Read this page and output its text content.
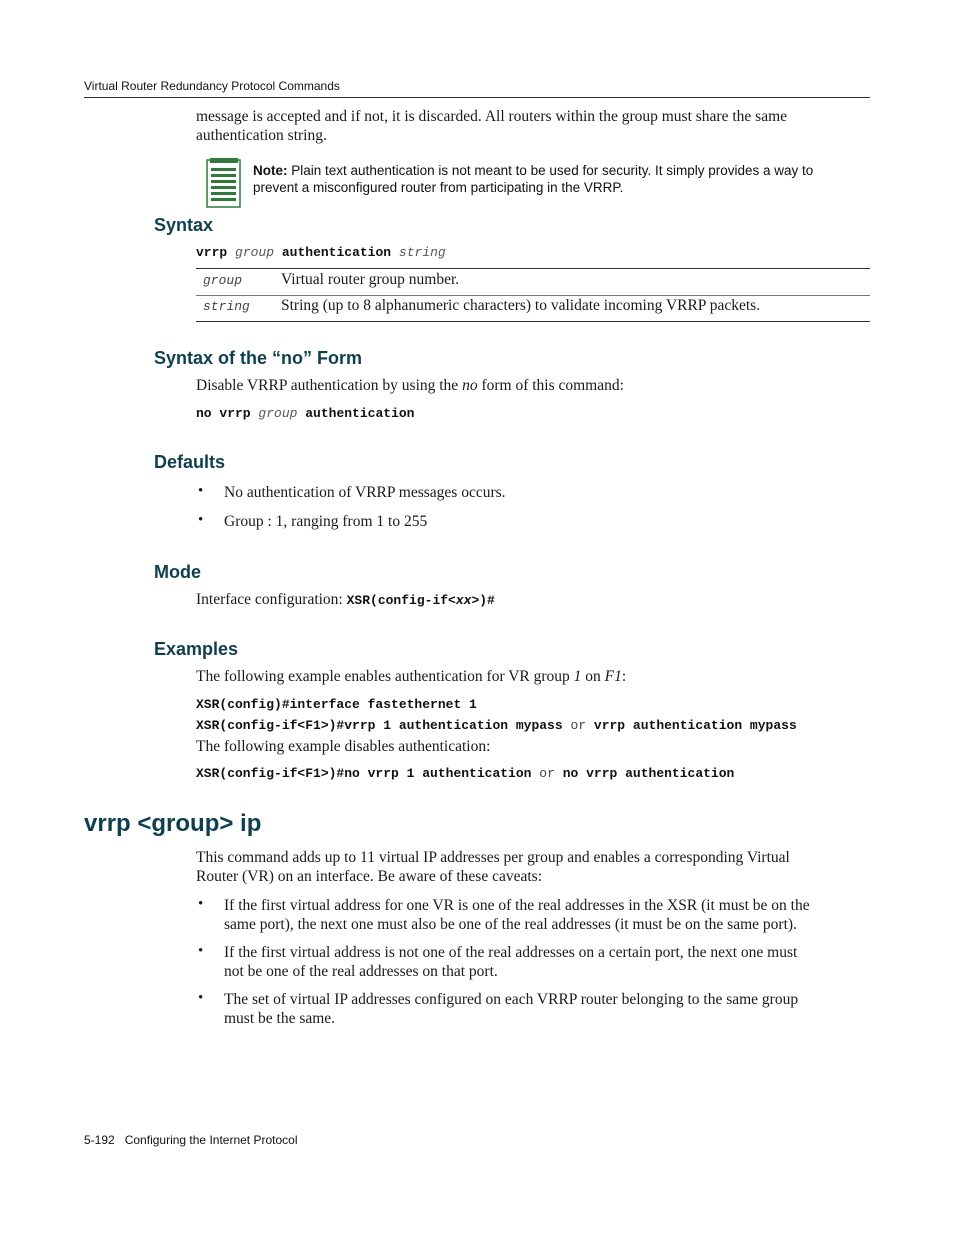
Virtual Router Redundancy Protocol Commands
message is accepted and if not, it is discarded. All routers within the group must share the same
authentication string.
Note: Plain text authentication is not meant to be used for security. It simply provides a way to
prevent a misconfigured router from participating in the VRRP.
Syntax
vrrp group authentication string
group	Virtual router group number.
string String (up to 8 alphanumeric characters) to validate incoming VRRP packets.
Syntax of the “no” Form
Disable VRRP authentication by using the no form of this command:
no vrrp group authentication
Defaults
• No authentication of VRRP messages occurs.
• Group : 1, ranging from 1 to 255
Mode
Interface configuration: XSR(config-if<xx>)#
Examples
The following example enables authentication for VR group 1 on F1:
XSR(config)#interface fastethernet 1
XSR(config-if<F1>)#vrrp 1 authentication mypass or vrrp authentication mypass
The following example disables authentication:
XSR(config-if<F1>)#no vrrp 1 authentication or no vrrp authentication
vrrp <group> ip
This command adds up to 11 virtual IP addresses per group and enables a corresponding Virtual
Router (VR) on an interface. Be aware of these caveats:
• If the first virtual address for one VR is one of the real addresses in the XSR (it must be on the
same port), the next one must also be one of the real addresses (it must be on the same port).
• If the first virtual address is not one of the real addresses on a certain port, the next one must
not be one of the real addresses on that port.
• The set of virtual IP addresses configured on each VRRP router belonging to the same group
must be the same.
5-192 Configuring the Internet Protocol
